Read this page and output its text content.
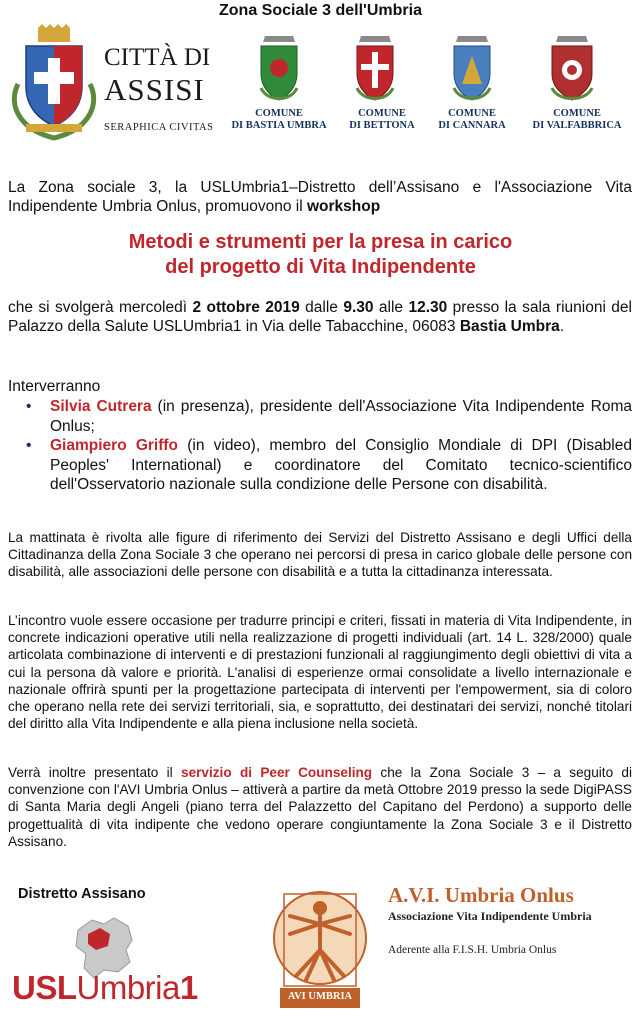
Zona Sociale 3 dell'Umbria
CITTÀ DI
ASSISI
SERAPHICA CIVITAS
COMUNE
DI BASTIA UMBRA
COMUNE
DI BETTONA
COMUNE
DI CANNARA
COMUNE
DI VALFABBRICA
La Zona sociale 3, la USLUmbria1–Distretto dell’Assisano e l'Associazione Vita Indipendente Umbria Onlus, promuovono il workshop
Metodi e strumenti per la presa in carico
del progetto di Vita Indipendente
che si svolgerà mercoledì 2 ottobre 2019 dalle 9.30 alle 12.30 presso la sala riunioni del Palazzo della Salute USLUmbria1 in Via delle Tabacchine, 06083 Bastia Umbra.
Interverranno
• Silvia Cutrera (in presenza), presidente dell'Associazione Vita Indipendente Roma Onlus;
• Giampiero Griffo (in video), membro del Consiglio Mondiale di DPI (Disabled Peoples' International) e coordinatore del Comitato tecnico-scientifico dell'Osservatorio nazionale sulla condizione delle Persone con disabilità.
La mattinata è rivolta alle figure di riferimento dei Servizi del Distretto Assisano e degli Uffici della Cittadinanza della Zona Sociale 3 che operano nei percorsi di presa in carico globale delle persone con disabilità, alle associazioni delle persone con disabilità e a tutta la cittadinanza interessata.
L’incontro vuole essere occasione per tradurre principi e criteri, fissati in materia di Vita Indipendente, in concrete indicazioni operative utili nella realizzazione di progetti individuali (art. 14 L. 328/2000) quale articolata combinazione di interventi e di prestazioni funzionali al raggiungimento degli obiettivi di vita a cui la persona dà valore e priorità. L'analisi di esperienze ormai consolidate a livello internazionale e nazionale offrirà spunti per la progettazione partecipata di interventi per l'empowerment, sia di coloro che operano nella rete dei servizi territoriali, sia, e soprattutto, dei destinatari dei servizi, nonché titolari del diritto alla Vita Indipendente e alla piena inclusione nella società.
Verrà inoltre presentato il servizio di Peer Counseling che la Zona Sociale 3 – a seguito di convenzione con l'AVI Umbria Onlus – attiverà a partire da metà Ottobre 2019 presso la sede DigiPASS di Santa Maria degli Angeli (piano terra del Palazzetto del Capitano del Perdono) a supporto delle progettualità di vita indipente che vedono operare congiuntamente la Zona Sociale 3 e il Distretto Assisano.
Distretto Assisano
USLUmbria1	AVI UMBRIA
A.V.I. Umbria Onlus
Associazione Vita Indipendente Umbria
Aderente alla F.I.S.H. Umbria Onlus
